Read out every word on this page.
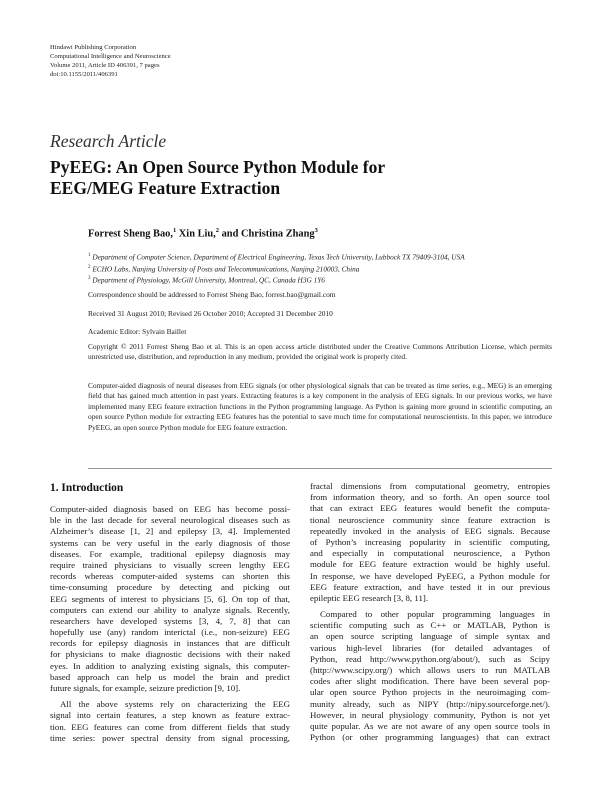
Hindawi Publishing Corporation
Computational Intelligence and Neuroscience
Volume 2011, Article ID 406391, 7 pages
doi:10.1155/2011/406391
Research Article
PyEEG: An Open Source Python Module for
EEG/MEG Feature Extraction
Forrest Sheng Bao,$^1$ Xin Liu,$^2$ and Christina Zhang$^3$
$^1$ Department of Computer Science, Department of Electrical Engineering, Texas Tech University, Lubbock TX 79409-3104, USA
$^2$ ECHO Labs, Nanjing University of Posts and Telecommunications, Nanjing 210003, China
$^3$ Department of Physiology, McGill University, Montreal, QC, Canada H3G 1Y6
Correspondence should be addressed to Forrest Sheng Bao, forrest.bao@gmail.com
Received 31 August 2010; Revised 26 October 2010; Accepted 31 December 2010
Academic Editor: Sylvain Baillet
Copyright © 2011 Forrest Sheng Bao et al. This is an open access article distributed under the Creative Commons Attribution License, which permits unrestricted use, distribution, and reproduction in any medium, provided the original work is properly cited.
Computer-aided diagnosis of neural diseases from EEG signals (or other physiological signals that can be treated as time series, e.g., MEG) is an emerging field that has gained much attention in past years. Extracting features is a key component in the analysis of EEG signals. In our previous works, we have implemented many EEG feature extraction functions in the Python programming language. As Python is gaining more ground in scientific computing, an open source Python module for extracting EEG features has the potential to save much time for computational neuroscientists. In this paper, we introduce PyEEG, an open source Python module for EEG feature extraction.
1. Introduction
Computer-aided diagnosis based on EEG has become possi-
ble in the last decade for several neurological diseases such as
Alzheimer’s disease [1, 2] and epilepsy [3, 4]. Implemented
systems can be very useful in the early diagnosis of those
diseases. For example, traditional epilepsy diagnosis may
require trained physicians to visually screen lengthy EEG
records whereas computer-aided systems can shorten this
time-consuming procedure by detecting and picking out
EEG segments of interest to physicians [5, 6]. On top of that,
computers can extend our ability to analyze signals. Recently,
researchers have developed systems [3, 4, 7, 8] that can
hopefully use (any) random interictal (i.e., non-seizure) EEG
records for epilepsy diagnosis in instances that are difficult
for physicians to make diagnostic decisions with their naked
eyes. In addition to analyzing existing signals, this computer-
based approach can help us model the brain and predict
future signals, for example, seizure prediction [9, 10].
All the above systems rely on characterizing the EEG
signal into certain features, a step known as feature extrac-
tion. EEG features can come from different fields that study
time series: power spectral density from signal processing,
fractal dimensions from computational geometry, entropies
from information theory, and so forth. An open source tool
that can extract EEG features would benefit the computa-
tional neuroscience community since feature extraction is
repeatedly invoked in the analysis of EEG signals. Because
of Python’s increasing popularity in scientific computing,
and especially in computational neuroscience, a Python
module for EEG feature extraction would be highly useful.
In response, we have developed PyEEG, a Python module for
EEG feature extraction, and have tested it in our previous
epileptic EEG research [3, 8, 11].
Compared to other popular programming languages in
scientific computing such as C++ or MATLAB, Python is
an open source scripting language of simple syntax and
various high-level libraries (for detailed advantages of
Python, read http://www.python.org/about/), such as Scipy
(http://www.scipy.org/) which allows users to run MATLAB
codes after slight modification. There have been several pop-
ular open source Python projects in the neuroimaging com-
munity already, such as NIPY (http://nipy.sourceforge.net/).
However, in neural physiology community, Python is not yet
quite popular. As we are not aware of any open source tools in
Python (or other programming languages) that can extract
